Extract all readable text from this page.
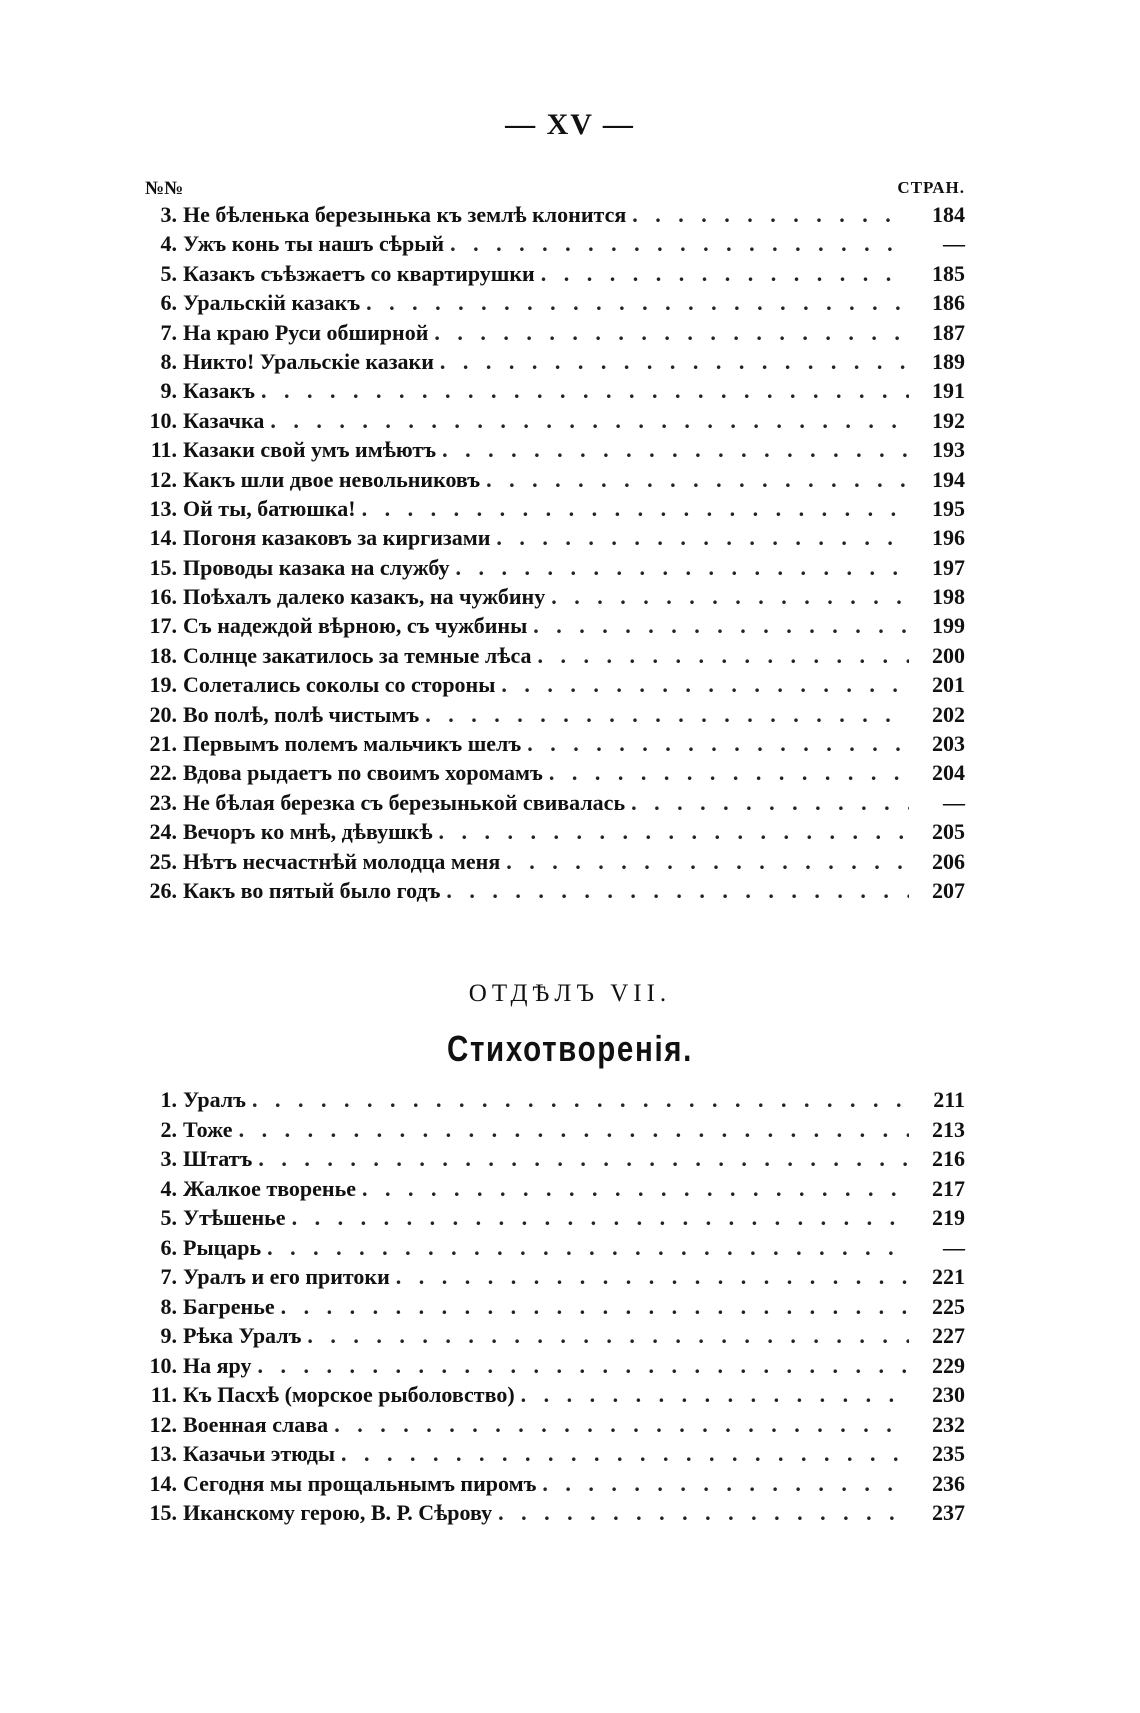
— XV —
№№	СТРАН.
3. Не бѣленька березынька къ землѣ клонится . . .	184
4. Ужъ конь ты нашъ сѣрый . . .	—
5. Казакъ съѣзжаетъ со квартирушки . . .	185
6. Уральскій казакъ . . .	186
7. На краю Руси обширной . . .	187
8. Никто! Уральскіе казаки . . .	189
9. Казакъ . . .	191
10. Казачка . . .	192
11. Казаки свой умъ имѣютъ . . .	193
12. Какъ шли двое невольниковъ . . .	194
13. Ой ты, батюшка! . . .	195
14. Погоня казаковъ за киргизами . . .	196
15. Проводы казака на службу . . .	197
16. Поѣхалъ далеко казакъ, на чужбину . . .	198
17. Съ надеждой вѣрною, съ чужбины . . .	199
18. Солнце закатилось за темные лѣса . . .	200
19. Солетались соколы со стороны . . .	201
20. Во полѣ, полѣ чистымъ . . .	202
21. Первымъ полемъ мальчикъ шелъ . . .	203
22. Вдова рыдаетъ по своимъ хоромамъ . . .	204
23. Не бѣлая березка съ березынькой свивалась . . .	—
24. Вечоръ ко мнѣ, дѣвушкѣ . . .	205
25. Нѣтъ несчастнѣй молодца меня . . .	206
26. Какъ во пятый было годъ . . .	207
ОТДѢЛЪ VII.
Стихотворенія.
1. Уралъ . . .	211
2. Тоже . . .	213
3. Штатъ . . .	216
4. Жалкое творенье . . .	217
5. Утѣшенье . . .	219
6. Рыцарь . . .	—
7. Уралъ и его притоки . . .	221
8. Багренье . . .	225
9. Рѣка Уралъ . . .	227
10. На яру . . .	229
11. Къ Пасхѣ (морское рыболовство) . . .	230
12. Военная слава . . .	232
13. Казачьи этюды . . .	235
14. Сегодня мы прощальнымъ пиромъ . . .	236
15. Иканскому герою, В. Р. Сѣрову . . .	237
